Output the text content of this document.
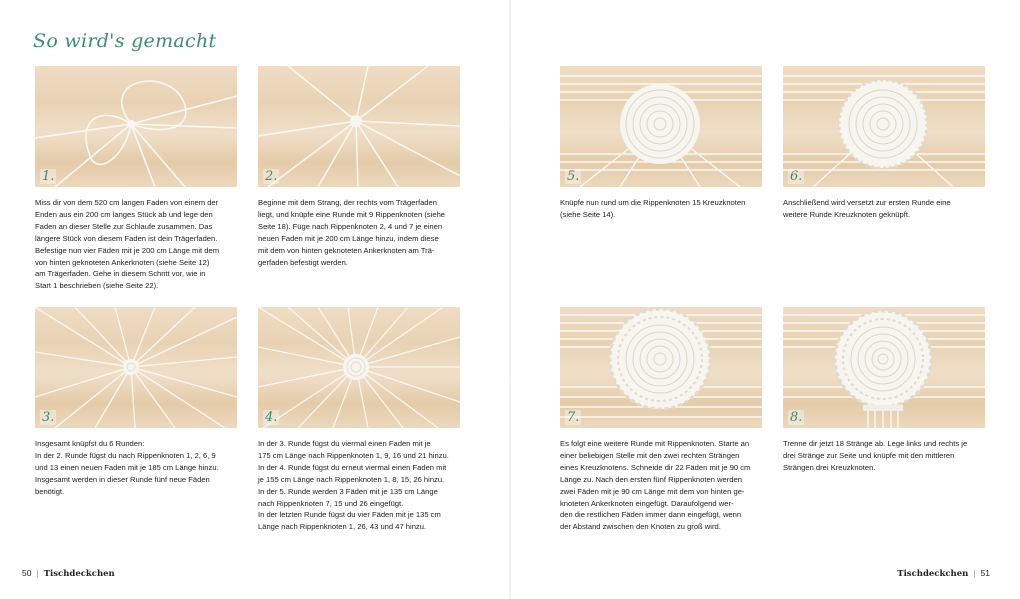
So wird's gemacht
1.
Miss dir von dem 520 cm langen Faden von einem der
Enden aus ein 200 cm langes Stück ab und lege den
Faden an dieser Stelle zur Schlaufe zusammen. Das
längere Stück von diesem Faden ist dein Trägerfaden.
Befestige nun vier Fäden mit je 200 cm Länge mit dem
von hinten geknoteten Ankerknoten (siehe Seite 12)
am Trägerfaden. Gehe in diesem Schritt vor, wie in
Start 1 beschrieben (siehe Seite 22).
2.
Beginne mit dem Strang, der rechts vom Trägerfaden
liegt, und knüpfe eine Runde mit 9 Rippenknoten (siehe
Seite 18). Füge nach Rippenknoten 2, 4 und 7 je einen
neuen Faden mit je 200 cm Länge hinzu, indem diese
mit dem von hinten geknoteten Ankerknoten am Trä-
gerfaden befestigt werden.
3.
Insgesamt knüpfst du 6 Runden:
In der 2. Runde fügst du nach Rippenknoten 1, 2, 6, 9
und 13 einen neuen Faden mit je 185 cm Länge hinzu.
Insgesamt werden in dieser Runde fünf neue Fäden
benötigt.
4.
In der 3. Runde fügst du viermal einen Faden mit je
175 cm Länge nach Rippenknoten 1, 9, 16 und 21 hinzu.
In der 4. Runde fügst du erneut viermal einen Faden mit
je 155 cm Länge nach Rippenknoten 1, 8, 15, 26 hinzu.
In der 5. Runde werden 3 Fäden mit je 135 cm Länge
nach Rippenknoten 7, 15 und 26 eingefügt.
In der letzten Runde fügst du vier Fäden mit je 135 cm
Länge nach Rippenknoten 1, 26, 43 und 47 hinzu.
5.
Knüpfe nun rund um die Rippenknoten 15 Kreuzknoten
(siehe Seite 14).
6.
Anschließend wird versetzt zur ersten Runde eine
weitere Runde Kreuzknoten geknüpft.
7.
Es folgt eine weitere Runde mit Rippenknoten. Starte an
einer beliebigen Stelle mit den zwei rechten Strängen
eines Kreuzknotens. Schneide dir 22 Fäden mit je 90 cm
Länge zu. Nach den ersten fünf Rippenknoten werden
zwei Fäden mit je 90 cm Länge mit dem von hinten ge-
knoteten Ankerknoten eingefügt. Daraufolgend wer-
den die restlichen Fäden immer dann eingefügt, wenn
der Abstand zwischen den Knoten zu groß wird.
8.
Trenne dir jetzt 18 Stränge ab. Lege links und rechts je
drei Stränge zur Seite und knüpfe mit den mittleren
Strängen drei Kreuzknoten.
50 | Tischdeckchen	Tischdeckchen | 51
